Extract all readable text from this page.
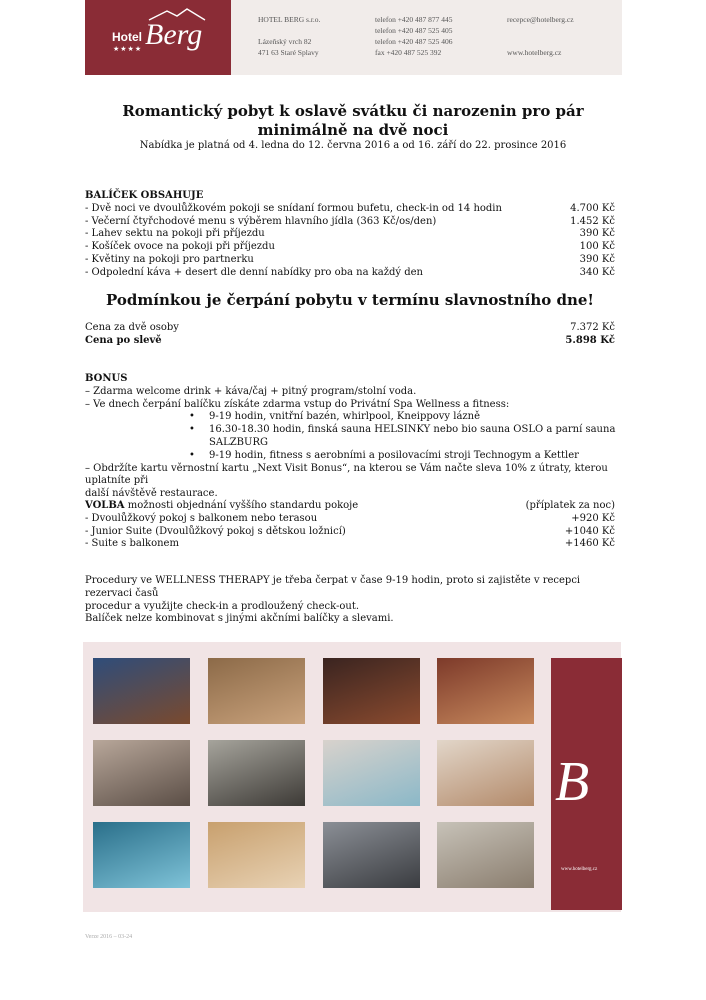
Hotel
★★★★ Berg	HOTEL BERG s.r.o.
Lázeňský vrch 82
471 63 Staré Splavy
telefon +420 487 877 445
telefon +420 487 525 405
telefon +420 487 525 406
fax +420 487 525 392
recepce@hotelberg.cz
www.hotelberg.cz
Romantický pobyt k oslavě svátku či narozenin pro pár
minimálně na dvě noci
Nabídka je platná od 4. ledna do 12. června 2016 a od 16. září do 22. prosince 2016
BALÍČEK OBSAHUJE
- Dvě noci ve dvoulůžkovém pokoji se snídaní formou bufetu, check-in od 14 hodin	4.700 Kč
- Večerní čtyřchodové menu s výběrem hlavního jídla (363 Kč/os/den)	1.452 Kč
- Lahev sektu na pokoji při příjezdu	390 Kč
- Košíček ovoce na pokoji při příjezdu	100 Kč
- Květiny na pokoji pro partnerku	390 Kč
- Odpolední káva + desert dle denní nabídky pro oba na každý den	340 Kč
Podmínkou je čerpání pobytu v termínu slavnostního dne!
Cena za dvě osoby	7.372 Kč
Cena po slevě	5.898 Kč
BONUS
– Zdarma welcome drink + káva/čaj + pitný program/stolní voda.
– Ve dnech čerpání balíčku získáte zdarma vstup do Privátní Spa Wellness a fitness:
•	9-19 hodin, vnitřní bazén, whirlpool, Kneippovy lázně
•	16.30-18.30 hodin, finská sauna HELSINKY nebo bio sauna OSLO a parní sauna SALZBURG
•	9-19 hodin, fitness s aerobními a posilovacími stroji Technogym a Kettler
– Obdržíte kartu věrnostní kartu „Next Visit Bonus“, na kterou se Vám načte sleva 10% z útraty, kterou uplatníte při
další návštěvě restaurace.
VOLBA možnosti objednání vyššího standardu pokoje	(příplatek za noc)
- Dvoulůžkový pokoj s balkonem nebo terasou	+920 Kč
- Junior Suite (Dvoulůžkový pokoj s dětskou ložnicí)	+1040 Kč
- Suite s balkonem	+1460 Kč
Procedury ve WELLNESS THERAPY je třeba čerpat v čase 9-19 hodin, proto si zajistěte v recepci rezervaci časů
procedur a využijte check-in a prodloužený check-out.
Balíček nelze kombinovat s jinými akčními balíčky a slevami.
B
www.hotelberg.cz
Verze 2016 – 03-24
